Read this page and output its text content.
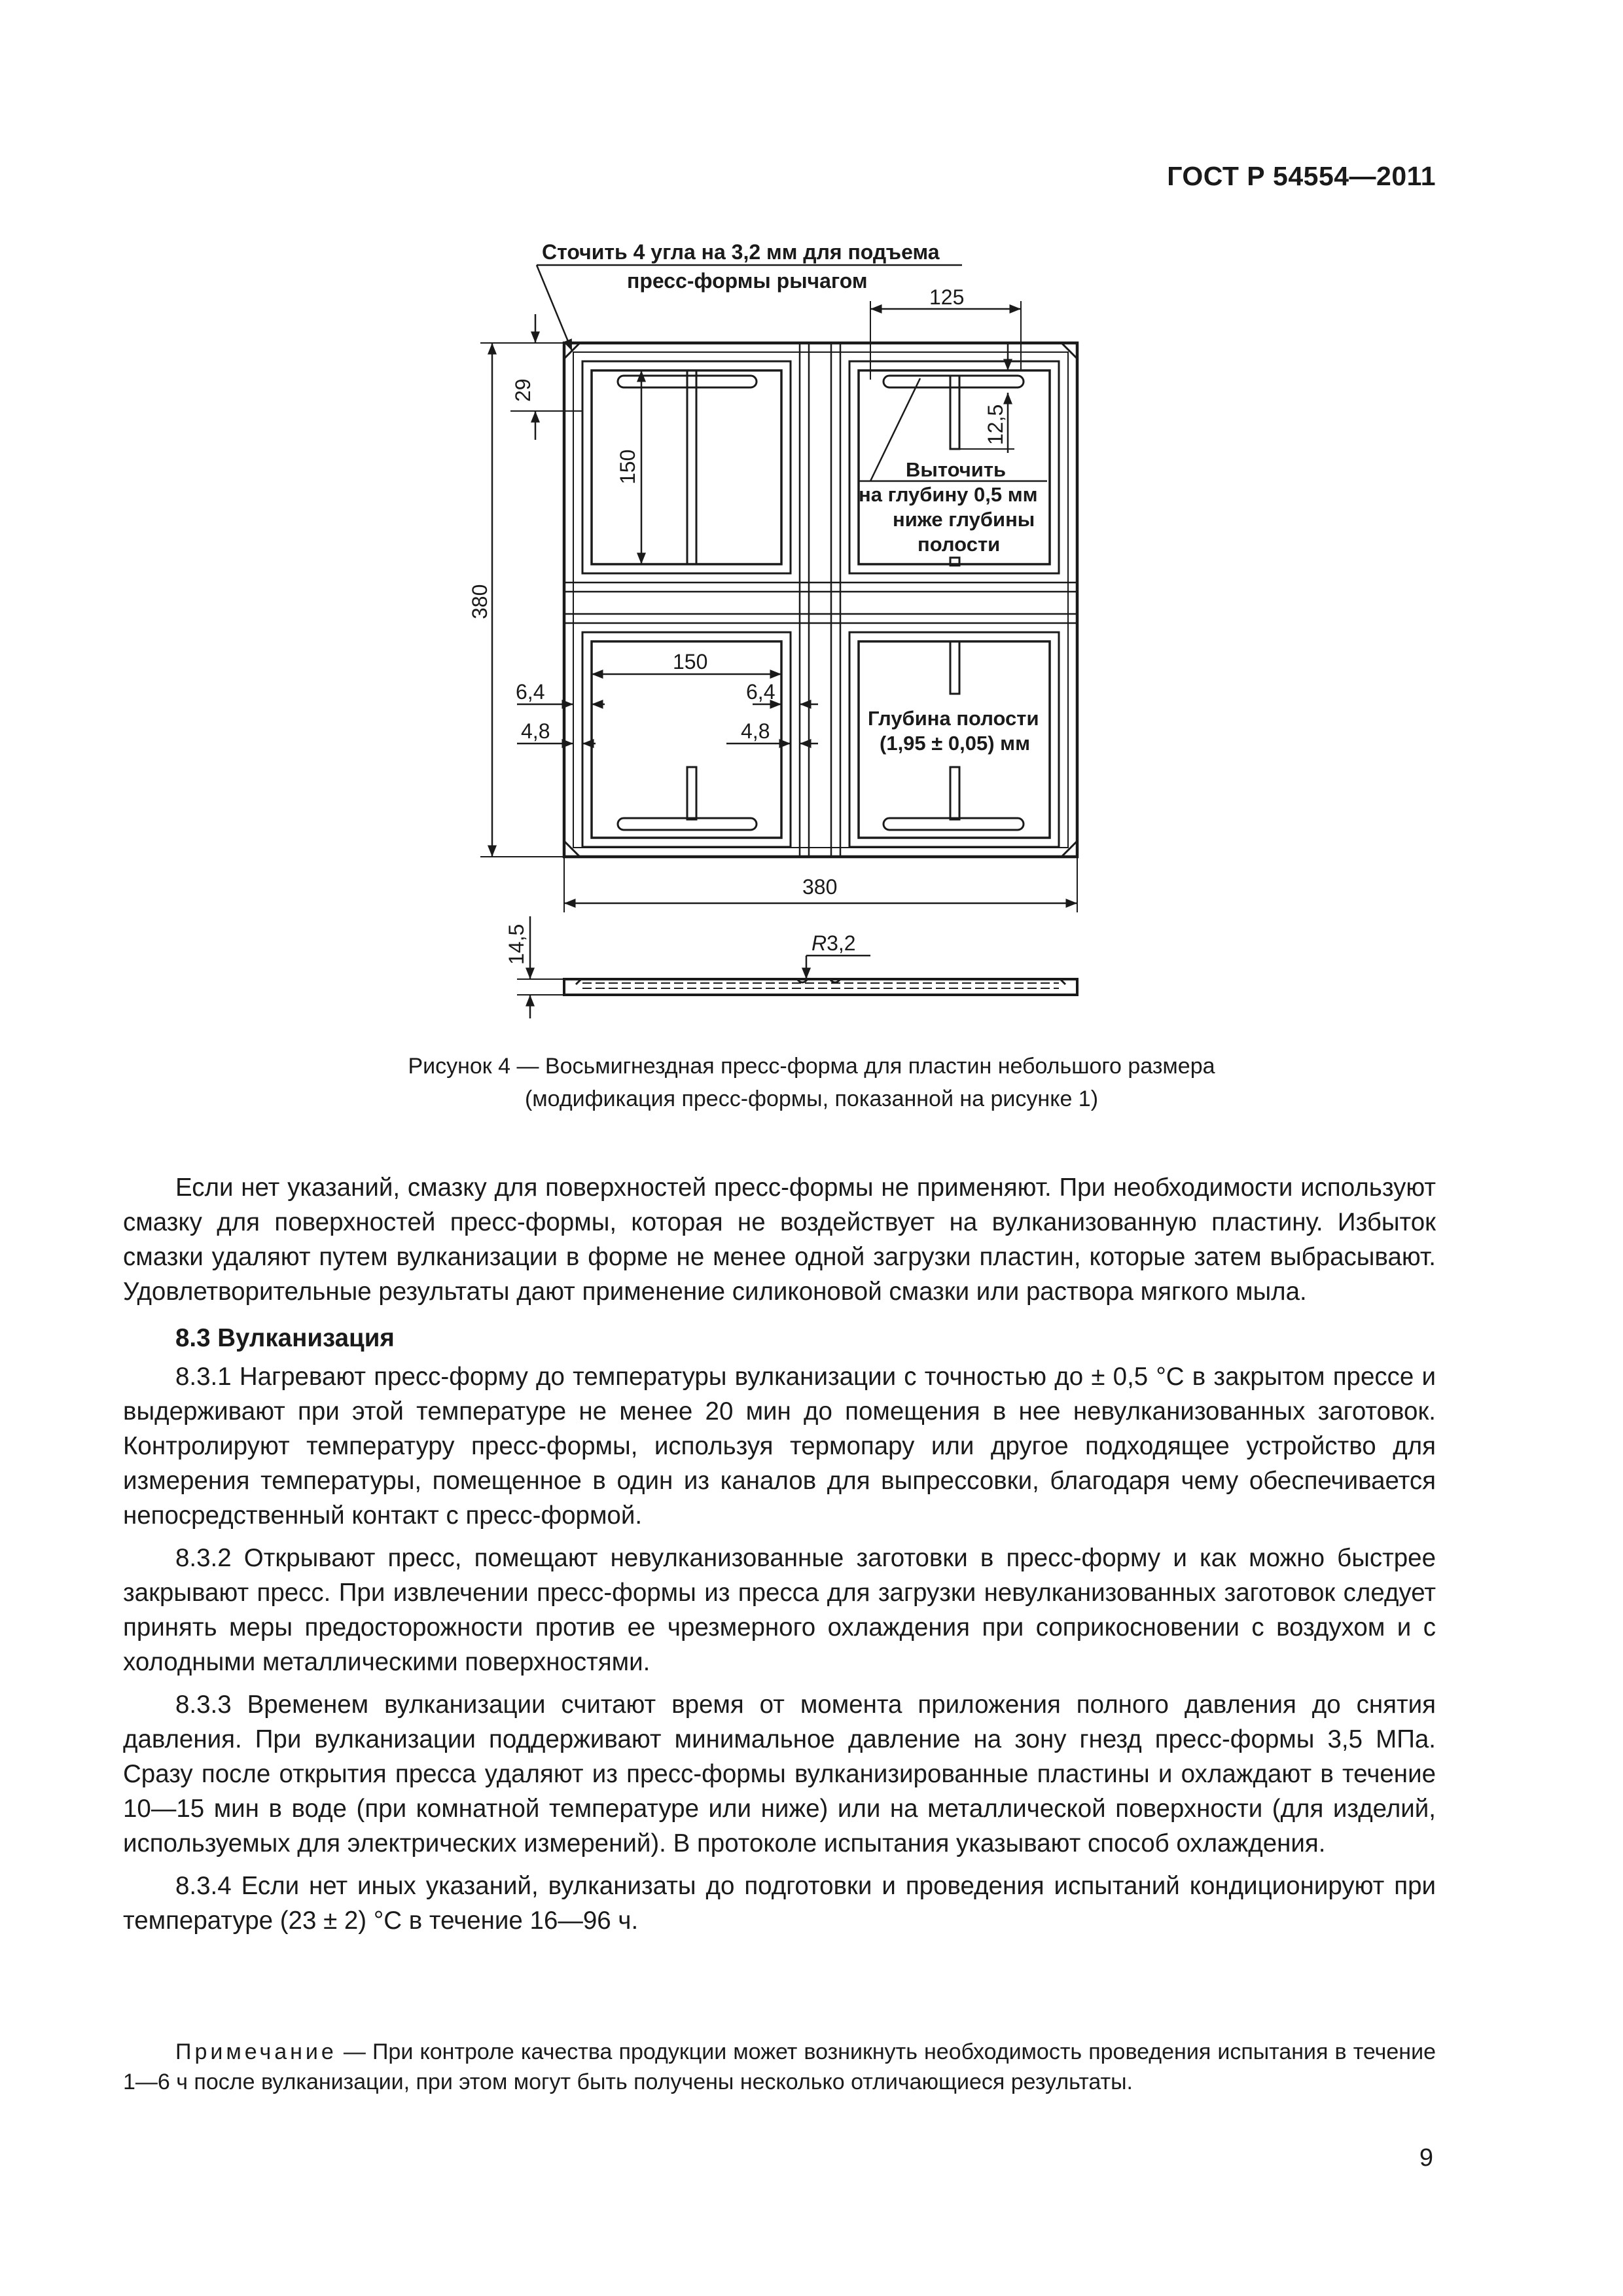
ГОСТ Р 54554—2011
Сточить 4 угла на 3,2 мм для подъема
пресс-формы рычагом
125
12,5
Выточить
на глубину 0,5 мм
ниже глубины
полости
29
150
380
150
6,4
4,8
6,4
4,8
Глубина полости
(1,95 ± 0,05) мм
380
14,5	R3,2
Рисунок 4 — Восьмигнездная пресс-форма для пластин небольшого размера
(модификация пресс-формы, показанной на рисунке 1)

Если нет указаний, смазку для поверхностей пресс-формы не применяют. При необходимости используют смазку для поверхностей пресс-формы, которая не воздействует на вулканизованную пластину. Избыток смазки удаляют путем вулканизации в форме не менее одной загрузки пластин, которые затем выбрасывают. Удовлетворительные результаты дают применение силиконовой смазки или раствора мягкого мыла.

8.3 Вулканизация

8.3.1 Нагревают пресс-форму до температуры вулканизации с точностью до ± 0,5 °С в закрытом прессе и выдерживают при этой температуре не менее 20 мин до помещения в нее невулканизованных заготовок. Контролируют температуру пресс-формы, используя термопару или другое подходящее устройство для измерения температуры, помещенное в один из каналов для выпрессовки, благодаря чему обеспечивается непосредственный контакт с пресс-формой.

8.3.2 Открывают пресс, помещают невулканизованные заготовки в пресс-форму и как можно быстрее закрывают пресс. При извлечении пресс-формы из пресса для загрузки невулканизованных заготовок следует принять меры предосторожности против ее чрезмерного охлаждения при соприкосновении с воздухом и с холодными металлическими поверхностями.

8.3.3 Временем вулканизации считают время от момента приложения полного давления до снятия давления. При вулканизации поддерживают минимальное давление на зону гнезд пресс-формы 3,5 МПа. Сразу после открытия пресса удаляют из пресс-формы вулканизированные пластины и охлаждают в течение 10—15 мин в воде (при комнатной температуре или ниже) или на металлической поверхности (для изделий, используемых для электрических измерений). В протоколе испытания указывают способ охлаждения.

8.3.4 Если нет иных указаний, вулканизаты до подготовки и проведения испытаний кондиционируют при температуре (23 ± 2) °С в течение 16—96 ч.

Примечание — При контроле качества продукции может возникнуть необходимость проведения испытания в течение 1—6 ч после вулканизации, при этом могут быть получены несколько отличающиеся результаты.
9
